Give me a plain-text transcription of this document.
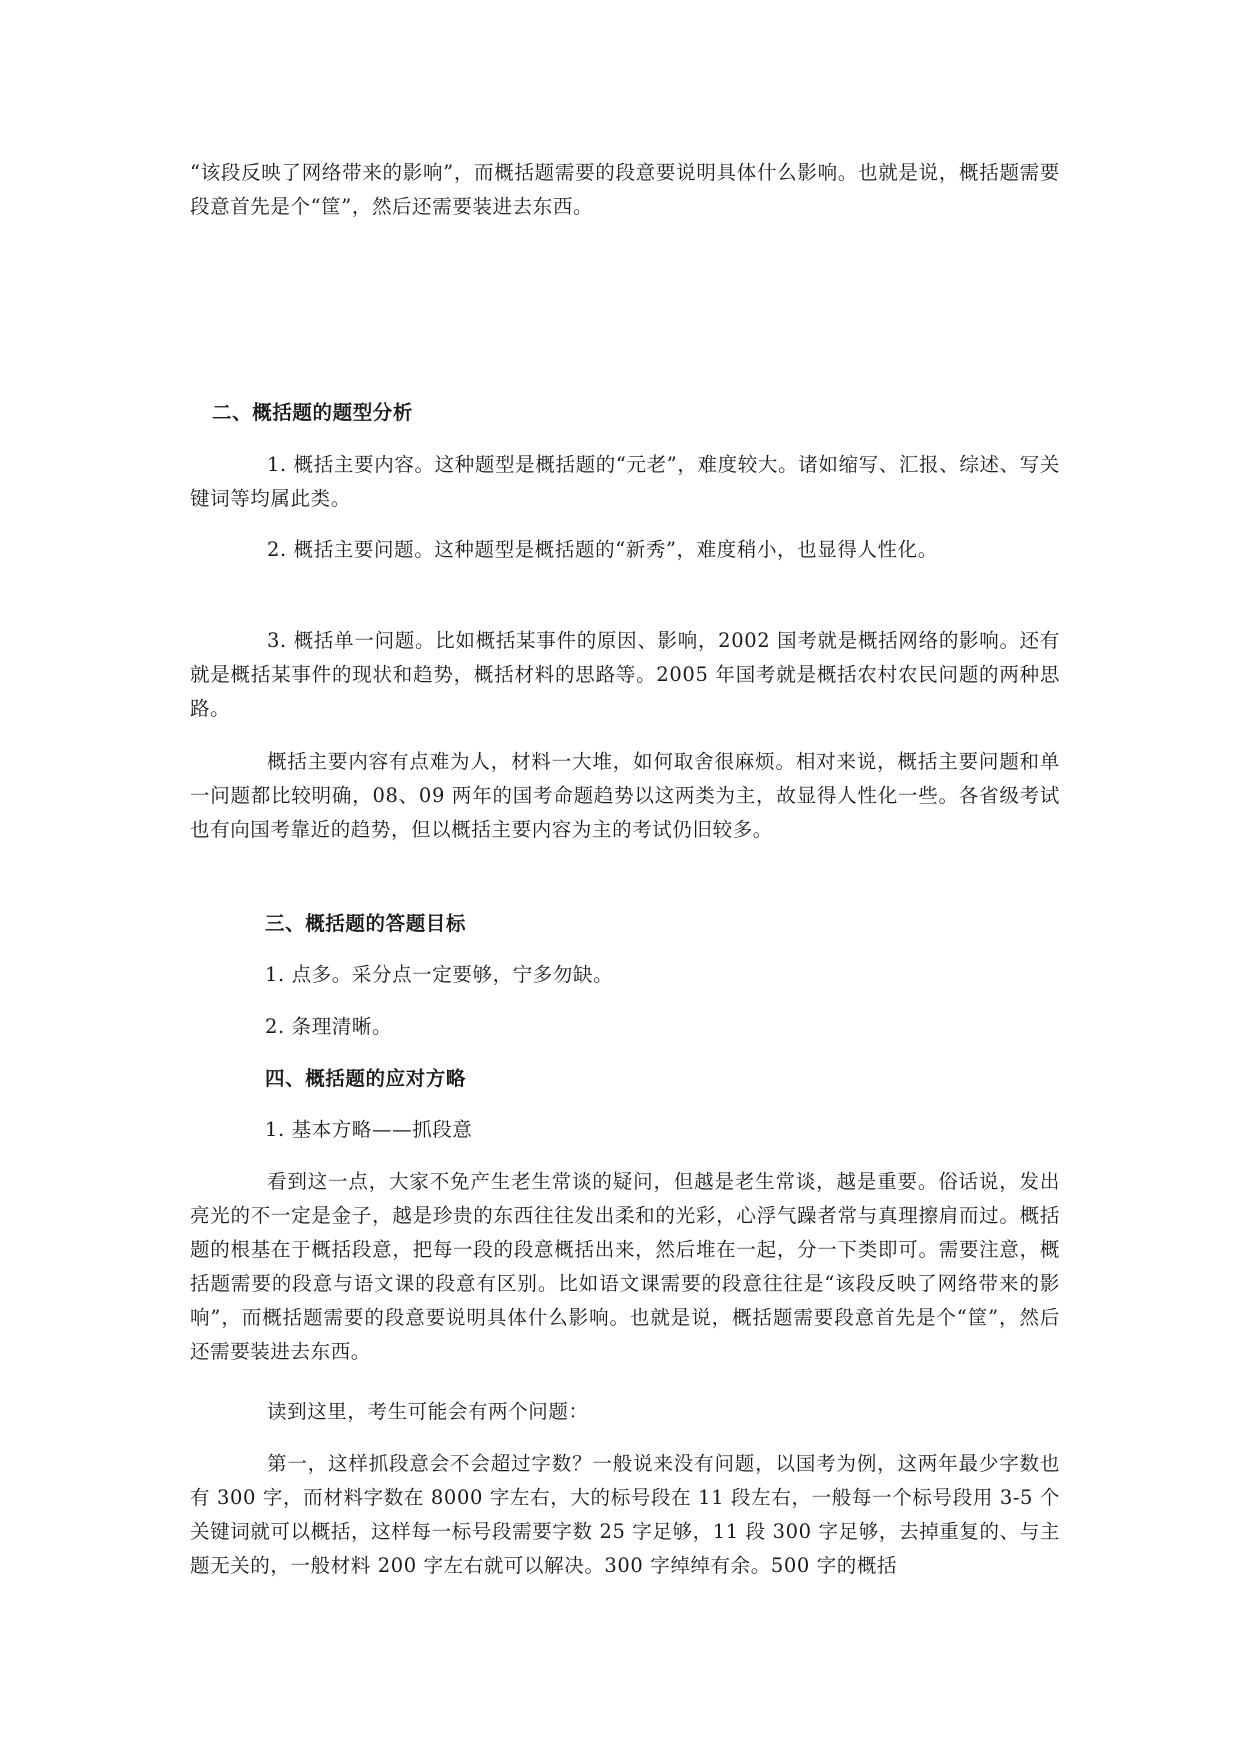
“该段反映了网络带来的影响”，而概括题需要的段意要说明具体什么影响。也就是说，概括题需要段意首先是个“筐”，然后还需要装进去东西。

二、概括题的题型分析

1. 概括主要内容。这种题型是概括题的“元老”，难度较大。诸如缩写、汇报、综述、写关键词等均属此类。

2. 概括主要问题。这种题型是概括题的“新秀”，难度稍小，也显得人性化。

3. 概括单一问题。比如概括某事件的原因、影响，2002 国考就是概括网络的影响。还有就是概括某事件的现状和趋势，概括材料的思路等。2005 年国考就是概括农村农民问题的两种思路。

概括主要内容有点难为人，材料一大堆，如何取舍很麻烦。相对来说，概括主要问题和单一问题都比较明确，08、09 两年的国考命题趋势以这两类为主，故显得人性化一些。各省级考试也有向国考靠近的趋势，但以概括主要内容为主的考试仍旧较多。

三、概括题的答题目标

1. 点多。采分点一定要够，宁多勿缺。

2. 条理清晰。

四、概括题的应对方略

1. 基本方略——抓段意

看到这一点，大家不免产生老生常谈的疑问，但越是老生常谈，越是重要。俗话说，发出亮光的不一定是金子，越是珍贵的东西往往发出柔和的光彩，心浮气躁者常与真理擦肩而过。概括题的根基在于概括段意，把每一段的段意概括出来，然后堆在一起，分一下类即可。需要注意，概括题需要的段意与语文课的段意有区别。比如语文课需要的段意往往是“该段反映了网络带来的影响”，而概括题需要的段意要说明具体什么影响。也就是说，概括题需要段意首先是个“筐”，然后还需要装进去东西。

读到这里，考生可能会有两个问题：

第一，这样抓段意会不会超过字数？一般说来没有问题，以国考为例，这两年最少字数也有 300 字，而材料字数在 8000 字左右，大的标号段在 11 段左右，一般每一个标号段用 3-5 个关键词就可以概括，这样每一标号段需要字数 25 字足够，11 段 300 字足够，去掉重复的、与主题无关的，一般材料 200 字左右就可以解决。300 字绰绰有余。500 字的概括
